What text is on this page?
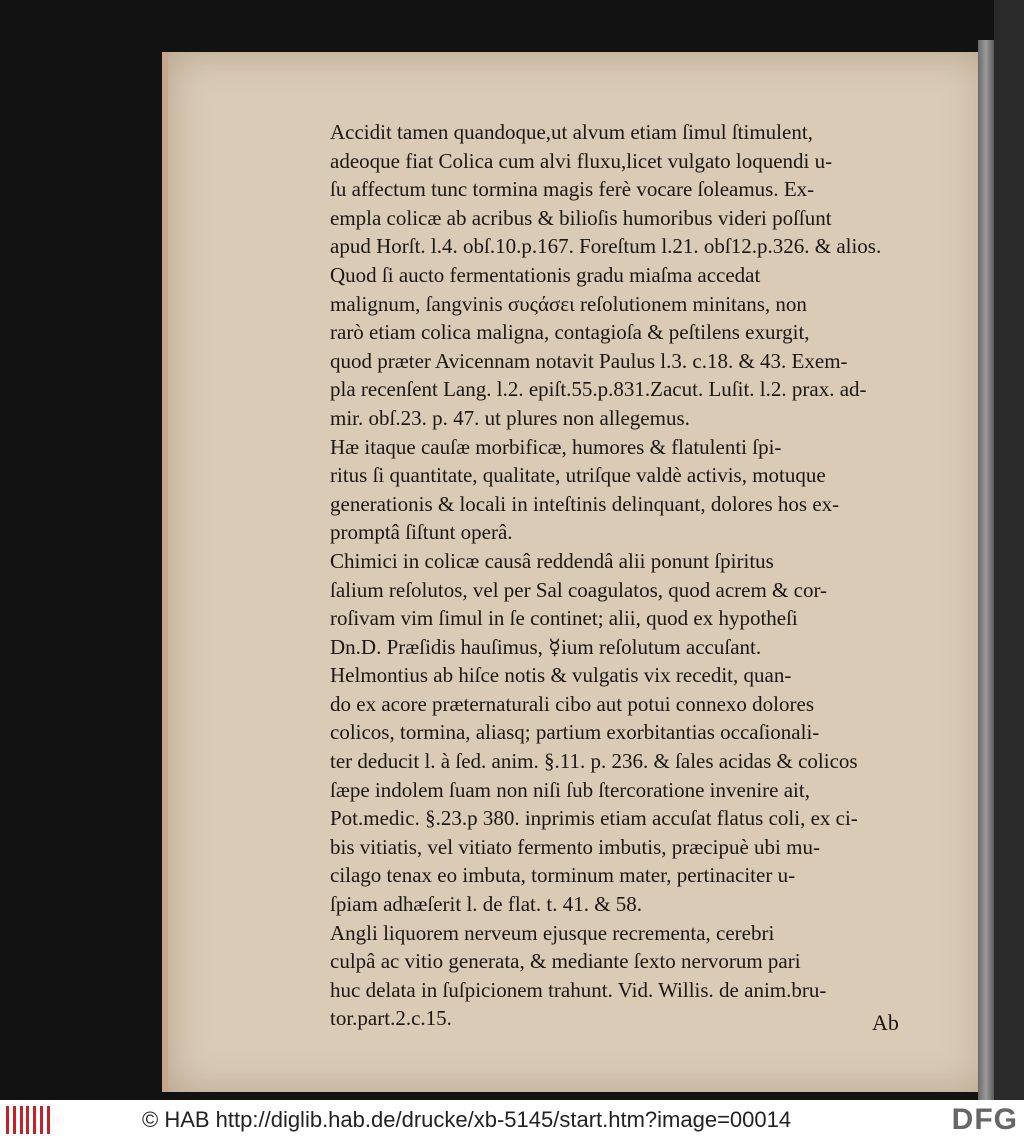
Accidit tamen quandoque,ut alvum etiam ſimul ſtimulent,
adeoque fiat Colica cum alvi fluxu,licet vulgato loquendi u-
ſu affectum tunc tormina magis ferè vocare ſoleamus. Ex-
empla colicæ ab acribus & bilioſis humoribus videri poſſunt
apud Horſt. l.4. obſ.10.p.167. Foreſtum l.21. obſ12.p.326. & alios.
Quod ſi aucto fermentationis gradu miaſma accedat
malignum, ſangvinis συςάσει reſolutionem minitans, non
rarò etiam colica maligna, contagioſa & peſtilens exurgit,
quod præter Avicennam notavit Paulus l.3. c.18. & 43. Exem-
pla recenſent Lang. l.2. epiſt.55.p.831.Zacut. Luſit. l.2. prax. ad-
mir. obſ.23. p. 47. ut plures non allegemus.
Hæ itaque cauſæ morbificæ, humores & flatulenti ſpi-
ritus ſi quantitate, qualitate, utriſque valdè activis, motuque
generationis & locali in inteſtinis delinquant, dolores hos ex-
promptâ ſiſtunt operâ.
Chimici in colicæ causâ reddendâ alii ponunt ſpiritus
ſalium reſolutos, vel per Sal coagulatos, quod acrem & cor-
roſivam vim ſimul in ſe continet; alii, quod ex hypotheſi
Dn.D. Præſidis hauſimus, ☿ium reſolutum accuſant.
Helmontius ab hiſce notis & vulgatis vix recedit, quan-
do ex acore præternaturali cibo aut potui connexo dolores
colicos, tormina, aliasq; partium exorbitantias occaſionali-
ter deducit l. à ſed. anim. §.11. p. 236. & ſales acidas & colicos
ſæpe indolem ſuam non niſi ſub ſtercoratione invenire ait,
Pot.medic. §.23.p 380. inprimis etiam accuſat flatus coli, ex ci-
bis vitiatis, vel vitiato fermento imbutis, præcipuè ubi mu-
cilago tenax eo imbuta, torminum mater, pertinaciter u-
ſpiam adhæſerit l. de flat. t. 41. & 58.
Angli liquorem nerveum ejusque recrementa, cerebri
culpâ ac vitio generata, & mediante ſexto nervorum pari
huc delata in ſuſpicionem trahunt. Vid. Willis. de anim.bru-
tor.part.2.c.15.	Ab
© HAB http://diglib.hab.de/drucke/xb-5145/start.htm?image=00014	DFG
